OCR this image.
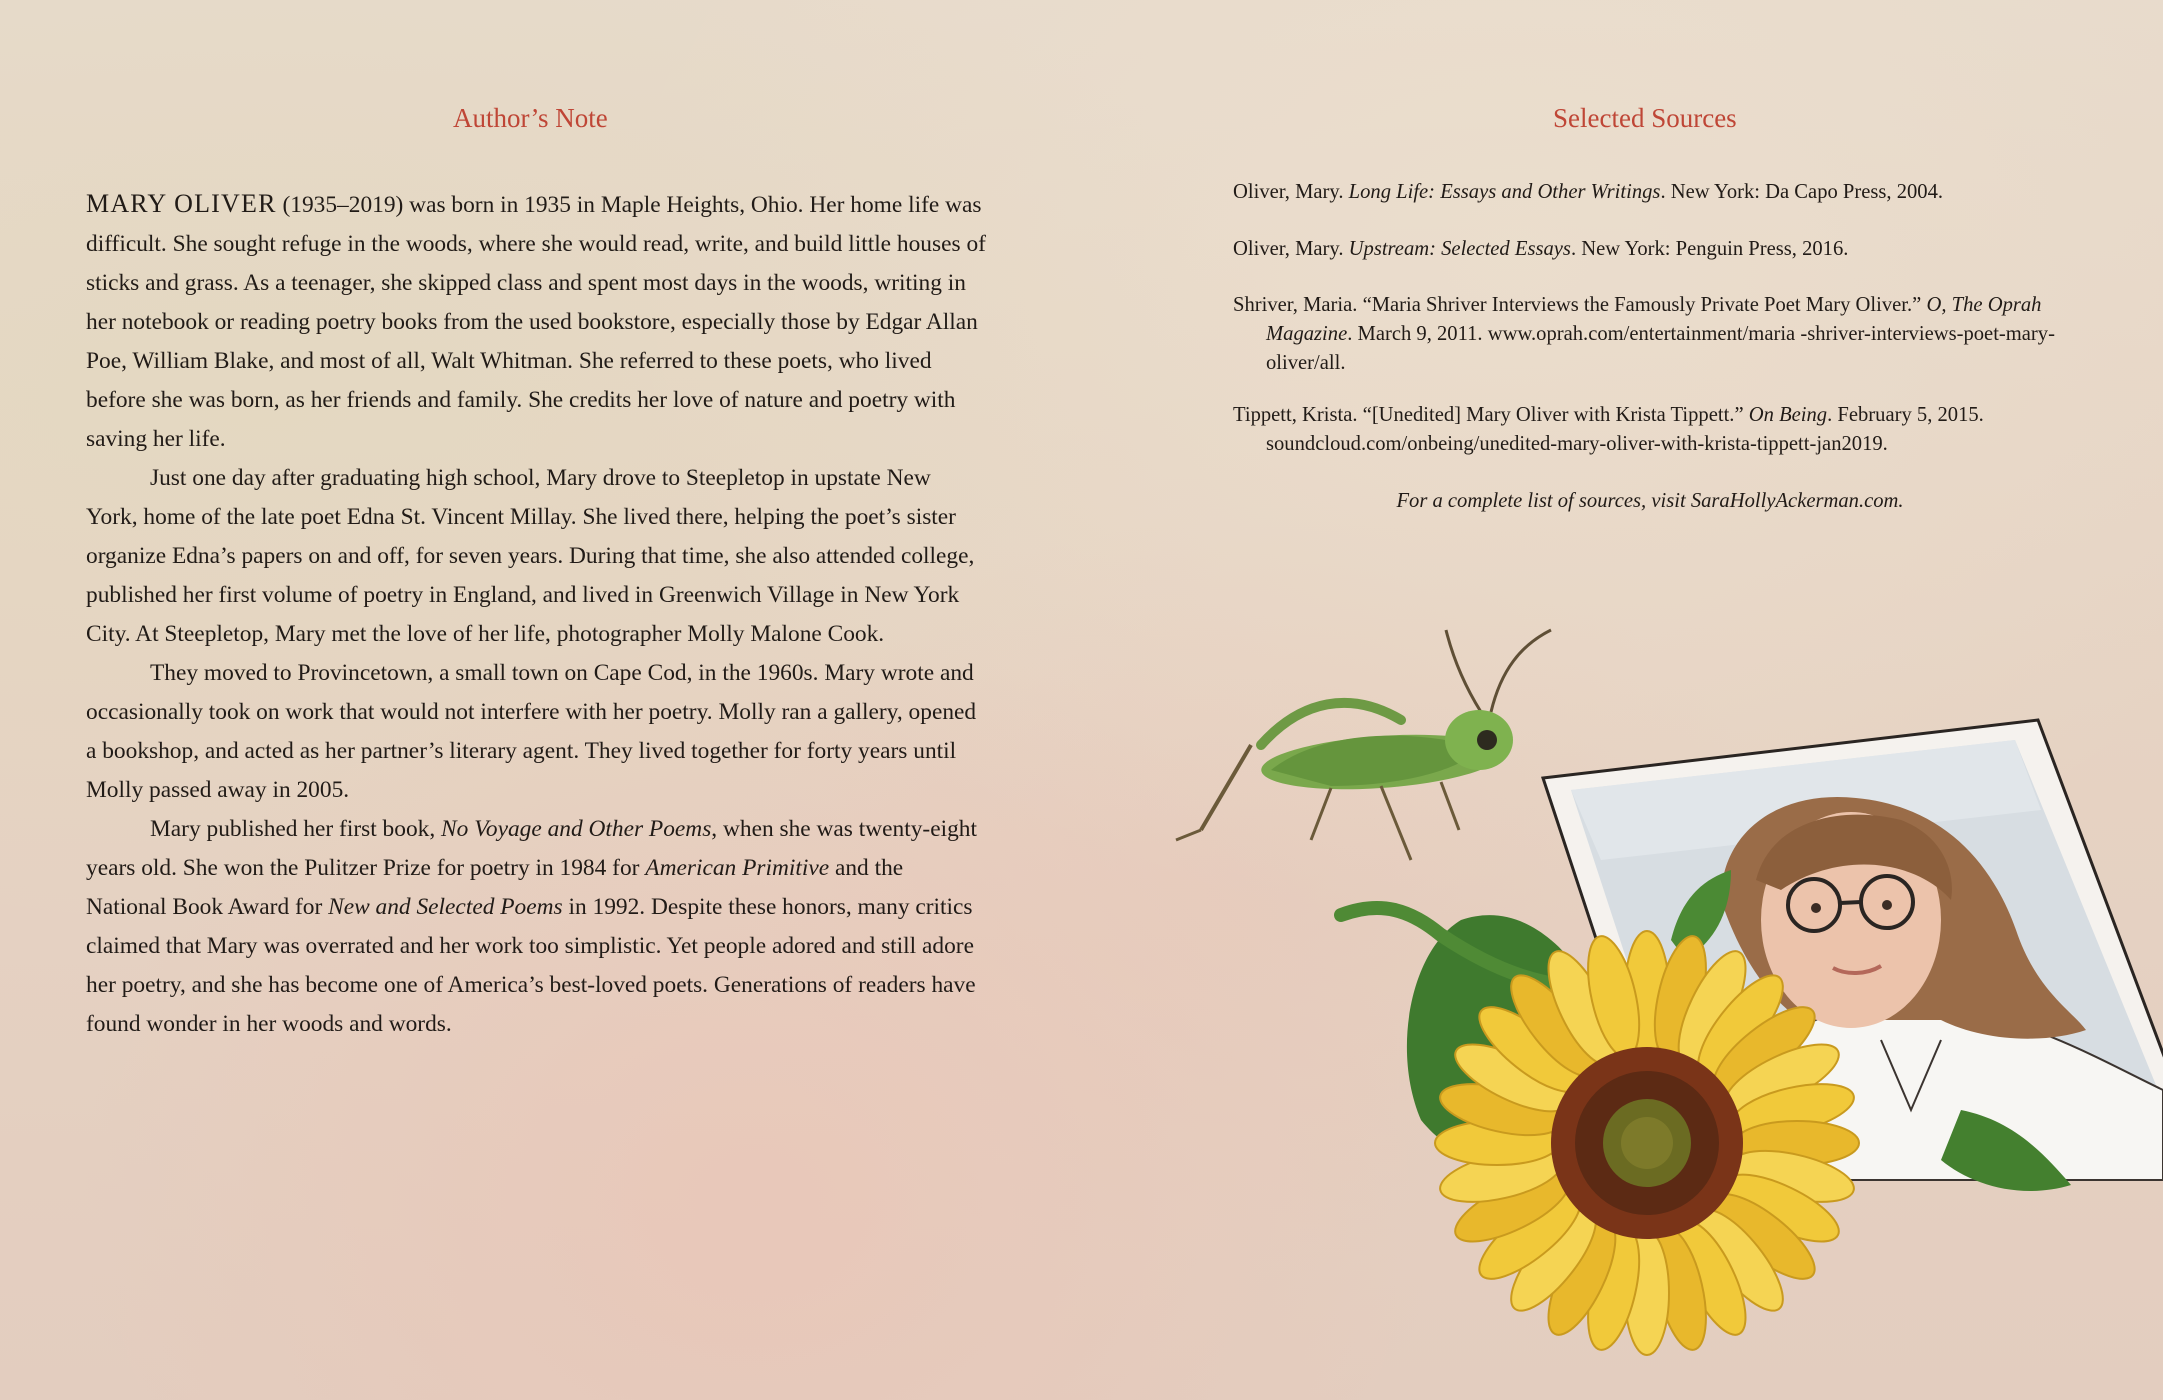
Author’s Note

MARY OLIVER (1935–2019) was born in 1935 in Maple Heights, Ohio. Her home life was difficult. She sought refuge in the woods, where she would read, write, and build little houses of sticks and grass. As a teenager, she skipped class and spent most days in the woods, writing in her notebook or reading poetry books from the used bookstore, especially those by Edgar Allan Poe, William Blake, and most of all, Walt Whitman. She referred to these poets, who lived before she was born, as her friends and family. She credits her love of nature and poetry with saving her life.

Just one day after graduating high school, Mary drove to Steepletop in upstate New York, home of the late poet Edna St. Vincent Millay. She lived there, helping the poet’s sister organize Edna’s papers on and off, for seven years. During that time, she also attended college, published her first volume of poetry in England, and lived in Greenwich Village in New York City. At Steepletop, Mary met the love of her life, photographer Molly Malone Cook.

They moved to Provincetown, a small town on Cape Cod, in the 1960s. Mary wrote and occasionally took on work that would not interfere with her poetry. Molly ran a gallery, opened a bookshop, and acted as her partner’s literary agent. They lived together for forty years until Molly passed away in 2005.

Mary published her first book, No Voyage and Other Poems, when she was twenty-eight years old. She won the Pulitzer Prize for poetry in 1984 for American Primitive and the National Book Award for New and Selected Poems in 1992. Despite these honors, many critics claimed that Mary was overrated and her work too simplistic. Yet people adored and still adore her poetry, and she has become one of America’s best-loved poets. Generations of readers have found wonder in her woods and words.

Selected Sources

Oliver, Mary. Long Life: Essays and Other Writings. New York: Da Capo Press, 2004.

Oliver, Mary. Upstream: Selected Essays. New York: Penguin Press, 2016.

Shriver, Maria. “Maria Shriver Interviews the Famously Private Poet Mary Oliver.” O, The Oprah Magazine. March 9, 2011. www.oprah.com/entertainment/maria -shriver-interviews-poet-mary-oliver/all.

Tippett, Krista. “[Unedited] Mary Oliver with Krista Tippett.” On Being. February 5, 2015. soundcloud.com/onbeing/unedited-mary-oliver-with-krista-tippett-jan2019.

For a complete list of sources, visit SaraHollyAckerman.com.
